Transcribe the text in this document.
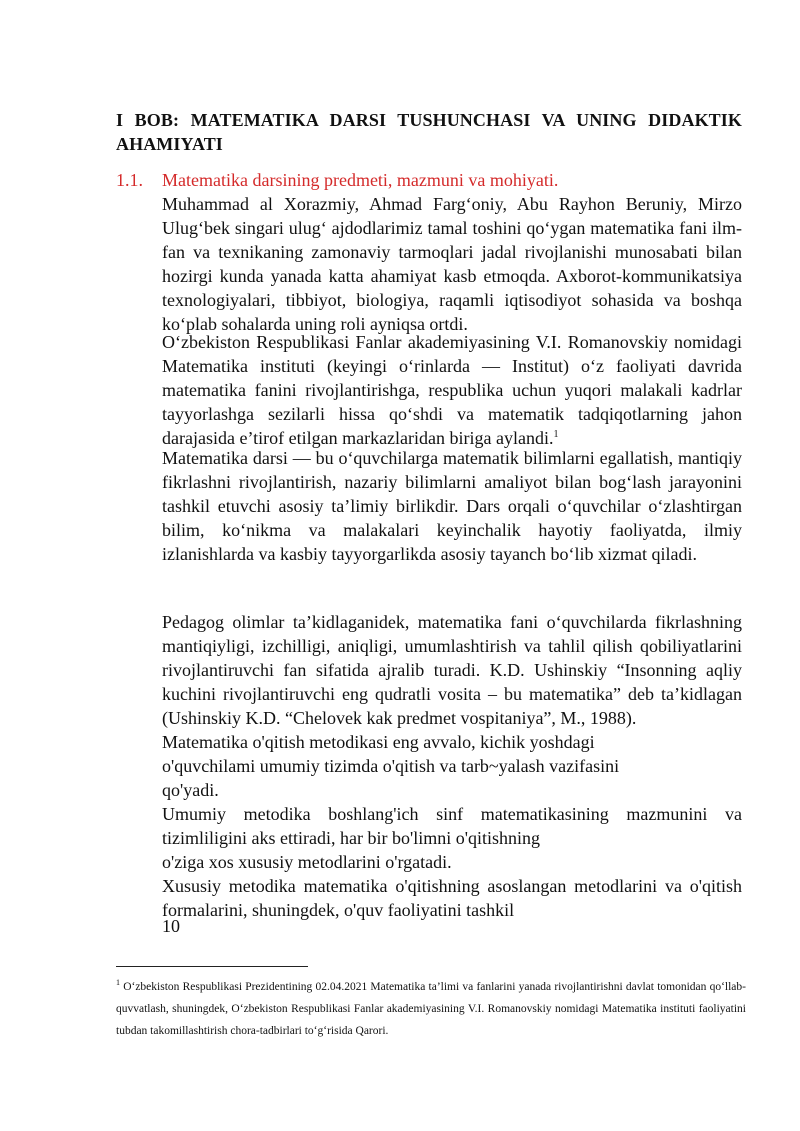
I BOB: MATEMATIKA DARSI TUSHUNCHASI VA UNING DIDAKTIK AHAMIYATI
1.1. Matematika darsining predmeti, mazmuni va mohiyati.

Muhammad al Xorazmiy, Ahmad Farg‘oniy, Abu Rayhon Beruniy, Mirzo Ulug‘bek singari ulug‘ ajdodlarimiz tamal toshini qo‘ygan matematika fani ilm-fan va texnikaning zamonaviy tarmoqlari jadal rivojlanishi munosabati bilan hozirgi kunda yanada katta ahamiyat kasb etmoqda. Axborot-kommunikatsiya texnologiyalari, tibbiyot, biologiya, raqamli iqtisodiyot sohasida va boshqa ko‘plab sohalarda uning roli ayniqsa ortdi.

O‘zbekiston Respublikasi Fanlar akademiyasining V.I. Romanovskiy nomidagi Matematika instituti (keyingi o‘rinlarda — Institut) o‘z faoliyati davrida matematika fanini rivojlantirishga, respublika uchun yuqori malakali kadrlar tayyorlashga sezilarli hissa qo‘shdi va matematik tadqiqotlarning jahon darajasida e’tirof etilgan markazlaridan biriga aylandi.$^1$

Matematika darsi — bu o‘quvchilarga matematik bilimlarni egallatish, mantiqiy fikrlashni rivojlantirish, nazariy bilimlarni amaliyot bilan bog‘lash jarayonini tashkil etuvchi asosiy ta’limiy birlikdir. Dars orqali o‘quvchilar o‘zlashtirgan bilim, ko‘nikma va malakalari keyinchalik hayotiy faoliyatda, ilmiy izlanishlarda va kasbiy tayyorgarlikda asosiy tayanch bo‘lib xizmat qiladi.

Pedagog olimlar ta’kidlaganidek, matematika fani o‘quvchilarda fikrlashning mantiqiyligi, izchilligi, aniqligi, umumlashtirish va tahlil qilish qobiliyatlarini rivojlantiruvchi fan sifatida ajralib turadi. K.D. Ushinskiy “Insonning aqliy kuchini rivojlantiruvchi eng qudratli vosita – bu matematika” deb ta’kidlagan (Ushinskiy K.D. “Chelovek kak predmet vospitaniya”, M., 1988).

Matematika o'qitish metodikasi eng avvalo, kichik yoshdagi
o'quvchilami umumiy tizimda o'qitish va tarb~yalash vazifasini
qo'yadi.
Umumiy metodika boshlang'ich sinf matematikasining mazmunini va
tizimliligini aks ettiradi, har bir bo'limni o'qitishning
o'ziga xos xususiy metodlarini o'rgatadi.
Xususiy metodika matematika o'qitishning asoslangan metodlarini va o'qitish
formalarini, shuningdek, o'quv faoliyatini tashkil
10
$^1$ O‘zbekiston Respublikasi Prezidentining 02.04.2021 Matematika ta’limi va fanlarini yanada rivojlantirishni davlat tomonidan qo‘llab-quvvatlash, shuningdek, O‘zbekiston Respublikasi Fanlar akademiyasining V.I. Romanovskiy nomidagi Matematika instituti faoliyatini tubdan takomillashtirish chora-tadbirlari to‘g‘risida Qarori.
